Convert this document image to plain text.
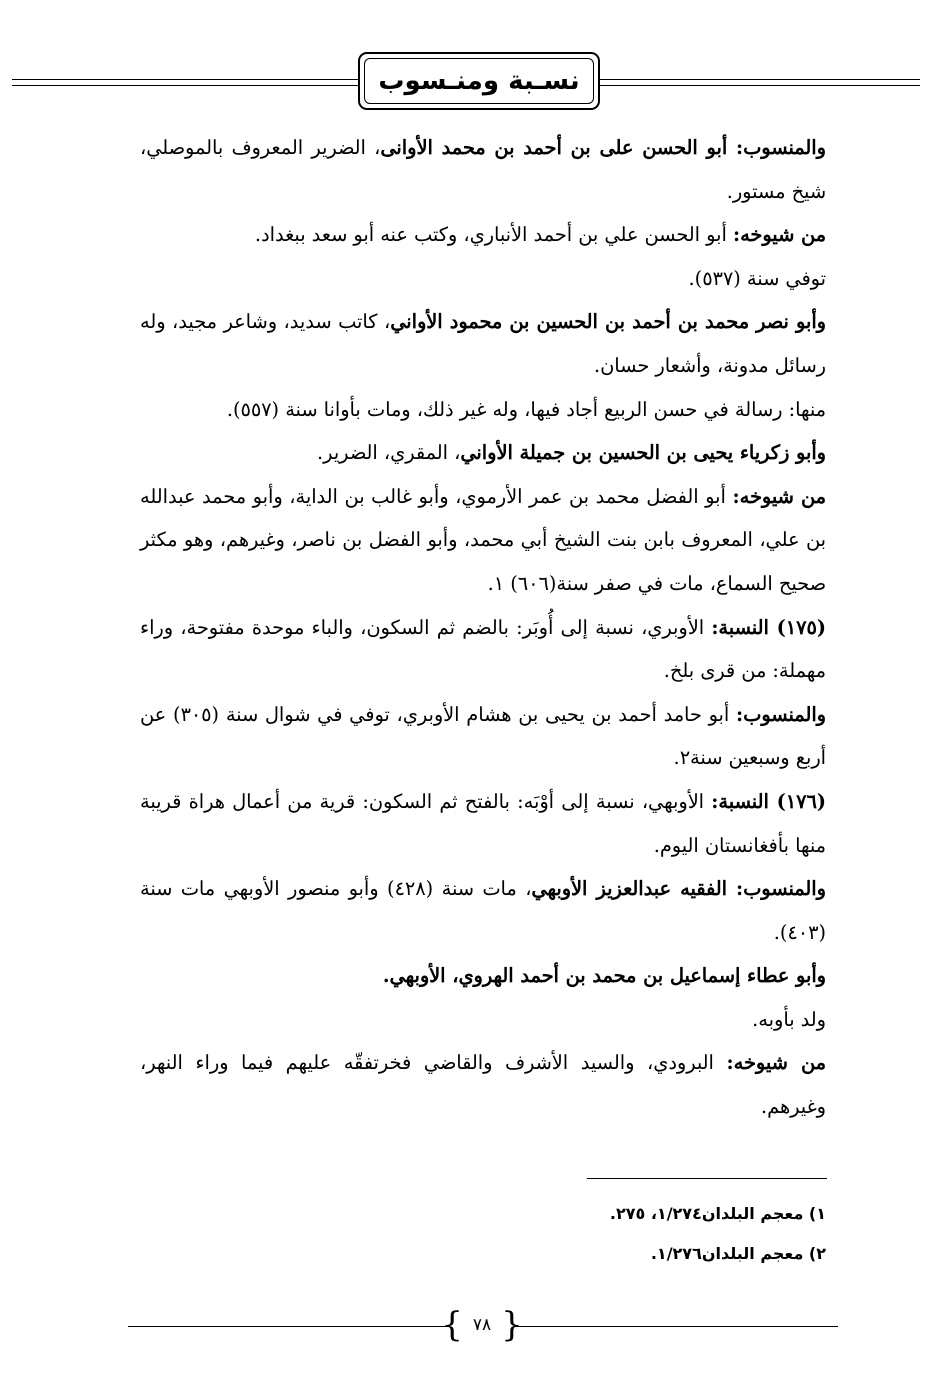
نسـبة ومنـسوب

والمنسوب: أبو الحسن على بن أحمد بن محمد الأوانى، الضرير المعروف بالموصلي، شيخ مستور.

من شيوخه: أبو الحسن علي بن أحمد الأنباري، وكتب عنه أبو سعد ببغداد.

توفي سنة (٥٣٧).

وأبو نصر محمد بن أحمد بن الحسين بن محمود الأواني، كاتب سديد، وشاعر مجيد، وله رسائل مدونة، وأشعار حسان.

منها: رسالة في حسن الربيع أجاد فيها، وله غير ذلك، ومات بأوانا سنة (٥٥٧).

وأبو زكرياء يحيى بن الحسين بن جميلة الأواني، المقري، الضرير.

من شيوخه: أبو الفضل محمد بن عمر الأرموي، وأبو غالب بن الداية، وأبو محمد عبدالله بن علي، المعروف بابن بنت الشيخ أبي محمد، وأبو الفضل بن ناصر، وغيرهم، وهو مكثر صحيح السماع، مات في صفر سنة(٦٠٦) ١.

(١٧٥) النسبة: الأوبري، نسبة إلى أُوبَر: بالضم ثم السكون، والباء موحدة مفتوحة، وراء مهملة: من قرى بلخ.

والمنسوب: أبو حامد أحمد بن يحيى بن هشام الأوبري، توفي في شوال سنة (٣٠٥) عن أربع وسبعين سنة٢.

(١٧٦) النسبة: الأوبهي، نسبة إلى أوْبَه: بالفتح ثم السكون: قرية من أعمال هراة قريبة منها بأفغانستان اليوم.

والمنسوب: الفقيه عبدالعزيز الأوبهي، مات سنة (٤٢٨) وأبو منصور الأوبهي مات سنة (٤٠٣).

وأبو عطاء إسماعيل بن محمد بن أحمد الهروي، الأوبهي.

ولد بأوبه.

من شيوخه: البرودي، والسيد الأشرف والقاضي فخرتفقّه عليهم فيما وراء النهر، وغيرهم.

١) معجم البلدان١/٢٧٤، ٢٧٥.

٢) معجم البلدان١/٢٧٦.

{ ٧٨ }
